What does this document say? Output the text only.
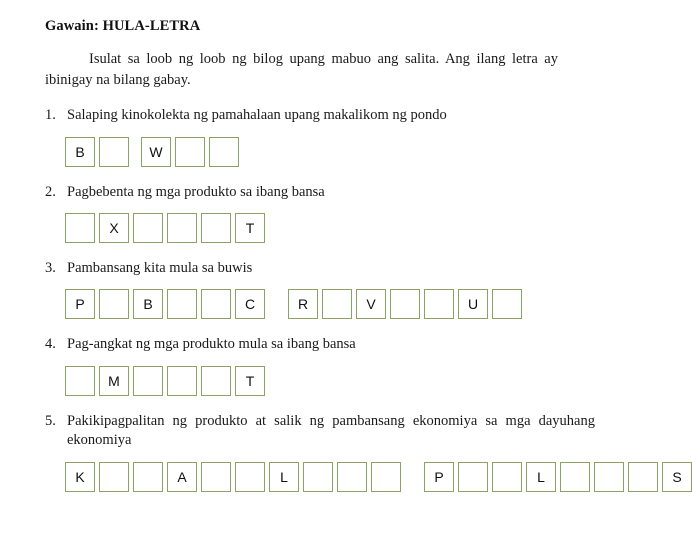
Gawain: HULA-LETRA

Isulat sa loob ng loob ng bilog upang mabuo ang salita. Ang ilang letra ay ibinigay na bilang gabay.

1. Salaping kinokolekta ng pamahalaan upang makalikom ng pondo
B	W
2. Pagbebenta ng mga produkto sa ibang bansa
X	T
3. Pambansang kita mula sa buwis
P	B	C	R	V	U
4. Pag-angkat ng mga produkto mula sa ibang bansa
M	T
5. Pakikipagpalitan ng produkto at salik ng pambansang ekonomiya sa mga dayuhang ekonomiya
K	A	L	P	L	S
